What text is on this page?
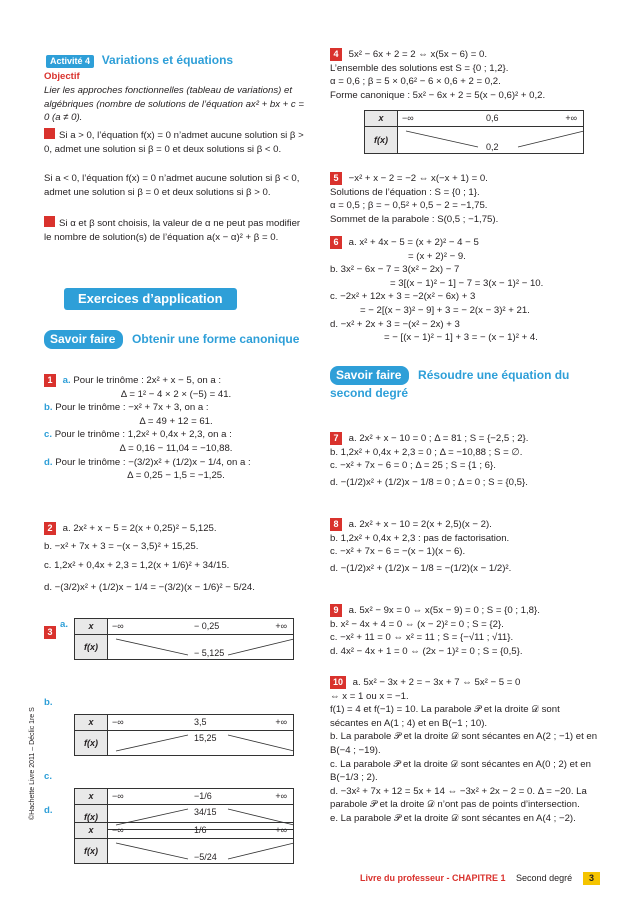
Activité 4 Variations et équations

Objectif

Lier les approches fonctionnelles (tableau de variations) et algébriques (nombre de solutions de l’équation ax² + bx + c = 0 (a ≠ 0).

Si a > 0, l’équation f(x) = 0 n’admet aucune solution si β > 0, admet une solution si β = 0 et deux solutions si β < 0.

Si a < 0, l’équation f(x) = 0 n’admet aucune solution si β < 0, admet une solution si β = 0 et deux solutions si β > 0.

Si α et β sont choisis, la valeur de α ne peut pas modifier le nombre de solution(s) de l’équation a(x − α)² + β = 0.
Exercices d’application
Savoir faire Obtenir une forme canonique
1 a. Pour le trinôme : 2x² + x − 5, on a :

Δ = 1² − 4 × 2 × (−5) = 41.

b. Pour le trinôme : −x² + 7x + 3, on a :

Δ = 49 + 12 = 61.

c. Pour le trinôme : 1,2x² + 0,4x + 2,3, on a :

Δ = 0,16 − 11,04 = −10,88.

d. Pour le trinôme : −(3/2)x² + (1/2)x − 1/4, on a :

Δ = 0,25 − 1,5 = −1,25.

2 a. 2x² + x − 5 = 2(x + 0,25)² − 5,125.

b. −x² + 7x + 3 = −(x − 3,5)² + 15,25.

c. 1,2x² + 0,4x + 2,3 = 1,2(x + 1/6)² + 34/15.

d. −(3/2)x² + (1/2)x − 1/4 = −(3/2)(x − 1/6)² − 5/24.

3
a. x	−∞ − 0,25 +∞

f(x)	− 5,125
b.
x	−∞ 3,5 +∞

f(x)	15,25
c.
x	−∞ −1/6 +∞

f(x)	34/15
d.
x	−∞ 1/6 +∞

f(x)	−5/24
4 5x² − 6x + 2 = 2 ⇔ x(5x − 6) = 0.

L’ensemble des solutions est S = {0 ; 1,2}.

α = 0,6 ; β = 5 × 0,6² − 6 × 0,6 + 2 = 0,2.

Forme canonique : 5x² − 6x + 2 = 5(x − 0,6)² + 0,2.

x	−∞ 0,6 +∞

f(x)	0,2
5 −x² + x − 2 = −2 ⇔ x(−x + 1) = 0.

Solutions de l’équation : S = {0 ; 1}.

α = 0,5 ; β = − 0,5² + 0,5 − 2 = −1,75.

Sommet de la parabole : S(0,5 ; −1,75).

6 a. x² + 4x − 5 = (x + 2)² − 4 − 5

= (x + 2)² − 9.

b. 3x² − 6x − 7 = 3(x² − 2x) − 7

= 3[(x − 1)² − 1] − 7 = 3(x − 1)² − 10.

c. −2x² + 12x + 3 = −2(x² − 6x) + 3

= − 2[(x − 3)² − 9] + 3 = − 2(x − 3)² + 21.

d. −x² + 2x + 3 = −(x² − 2x) + 3

= − [(x − 1)² − 1] + 3 = − (x − 1)² + 4.

Savoir faire Résoudre une équation du second degré
7 a. 2x² + x − 10 = 0 ; Δ = 81 ; S = {−2,5 ; 2}.

b. 1,2x² + 0,4x + 2,3 = 0 ; Δ = −10,88 ; S = ∅.

c. −x² + 7x − 6 = 0 ; Δ = 25 ; S = {1 ; 6}.

d. −(1/2)x² + (1/2)x − 1/8 = 0 ; Δ = 0 ; S = {0,5}.

8 a. 2x² + x − 10 = 2(x + 2,5)(x − 2).

b. 1,2x² + 0,4x + 2,3 : pas de factorisation.

c. −x² + 7x − 6 = −(x − 1)(x − 6).

d. −(1/2)x² + (1/2)x − 1/8 = −(1/2)(x − 1/2)².

9 a. 5x² − 9x = 0 ⇔ x(5x − 9) = 0 ; S = {0 ; 1,8}.

b. x² − 4x + 4 = 0 ⇔ (x − 2)² = 0 ; S = {2}.

c. −x² + 11 = 0 ⇔ x² = 11 ; S = {−√11 ; √11}.

d. 4x² − 4x + 1 = 0 ⇔ (2x − 1)² = 0 ; S = {0,5}.

10 a. 5x² − 3x + 2 = − 3x + 7 ⇔ 5x² − 5 = 0

⇔ x = 1 ou x = −1.

f(1) = 4 et f(−1) = 10. La parabole 𝒫 et la droite 𝒟 sont sécantes en A(1 ; 4) et en B(−1 ; 10).

b. La parabole 𝒫 et la droite 𝒟 sont sécantes en A(2 ; −1) et en B(−4 ; −19).

c. La parabole 𝒫 et la droite 𝒟 sont sécantes en A(0 ; 2) et en B(−1/3 ; 2).

d. −3x² + 7x + 12 = 5x + 14 ⇔ −3x² + 2x − 2 = 0. Δ = −20. La parabole 𝒫 et la droite 𝒟 n’ont pas de points d’intersection.

e. La parabole 𝒫 et la droite 𝒟 sont sécantes en A(4 ; −2).

©Hachette Livre 2011 – Déclic 1re S
Livre du professeur - CHAPITRE 1 Second degré	3
